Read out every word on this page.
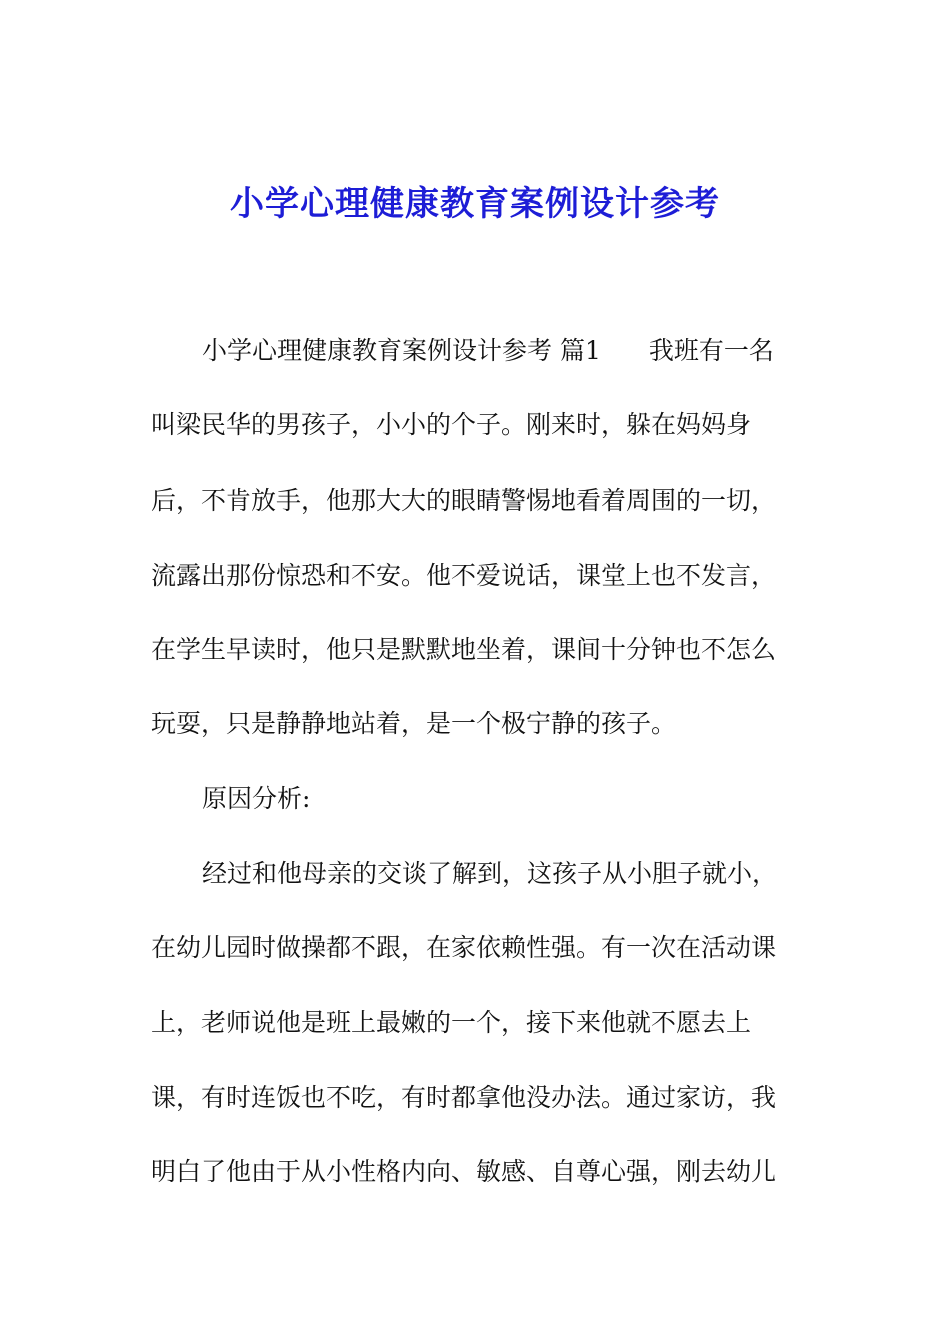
小学心理健康教育案例设计参考

小学心理健康教育案例设计参考 篇1 我班有一名

叫梁民华的男孩子，小小的个子。刚来时，躲在妈妈身

后，不肯放手，他那大大的眼睛警惕地看着周围的一切，

流露出那份惊恐和不安。他不爱说话，课堂上也不发言，

在学生早读时，他只是默默地坐着，课间十分钟也不怎么

玩耍，只是静静地站着，是一个极宁静的孩子。

原因分析:

经过和他母亲的交谈了解到，这孩子从小胆子就小，

在幼儿园时做操都不跟，在家依赖性强。有一次在活动课

上，老师说他是班上最嫩的一个，接下来他就不愿去上

课，有时连饭也不吃，有时都拿他没办法。通过家访，我

明白了他由于从小性格内向、敏感、自尊心强，刚去幼儿
